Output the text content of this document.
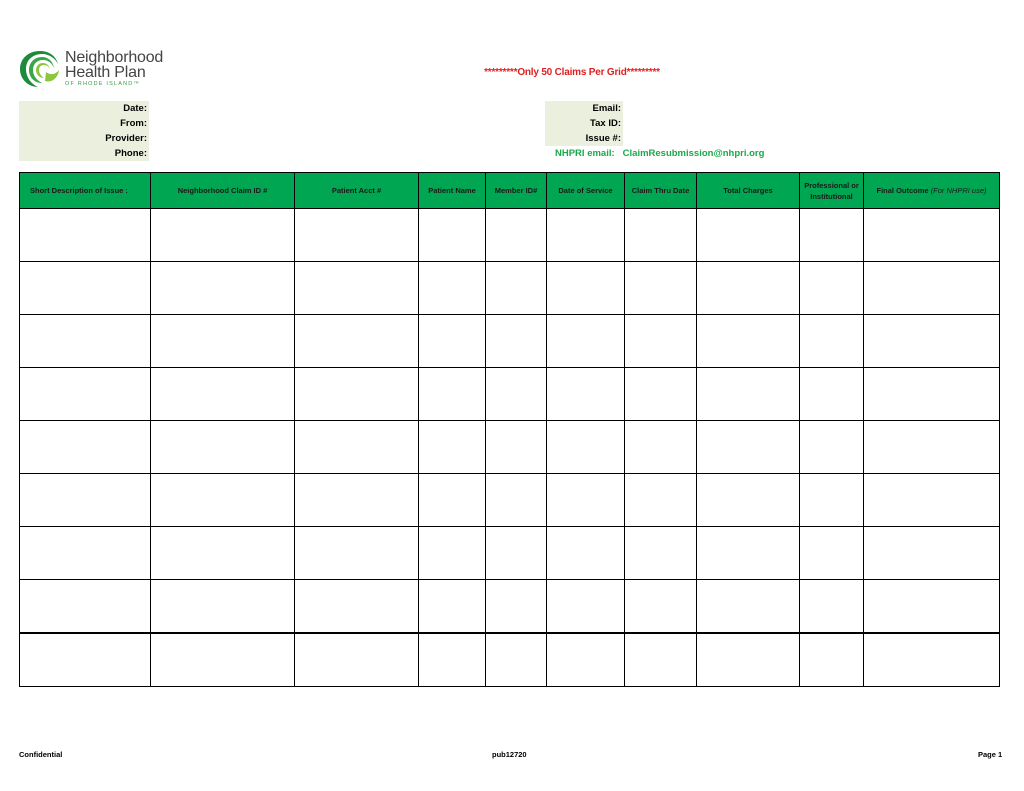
Neighborhood
Health Plan
OF RHODE ISLAND™
*********Only 50 Claims Per Grid*********
Date:
From:
Provider:
Phone:
Email:
Tax ID:
Issue #:
NHPRI email: ClaimResubmission@nhpri.org
Short Description of Issue :	Neighborhood Claim ID #	Patient Acct #	Patient Name	Member ID#	Date of Service	Claim Thru Date	Total Charges	Professional or Institutional	Final Outcome (For NHPRI use)

Confidential	pub12720	Page 1
